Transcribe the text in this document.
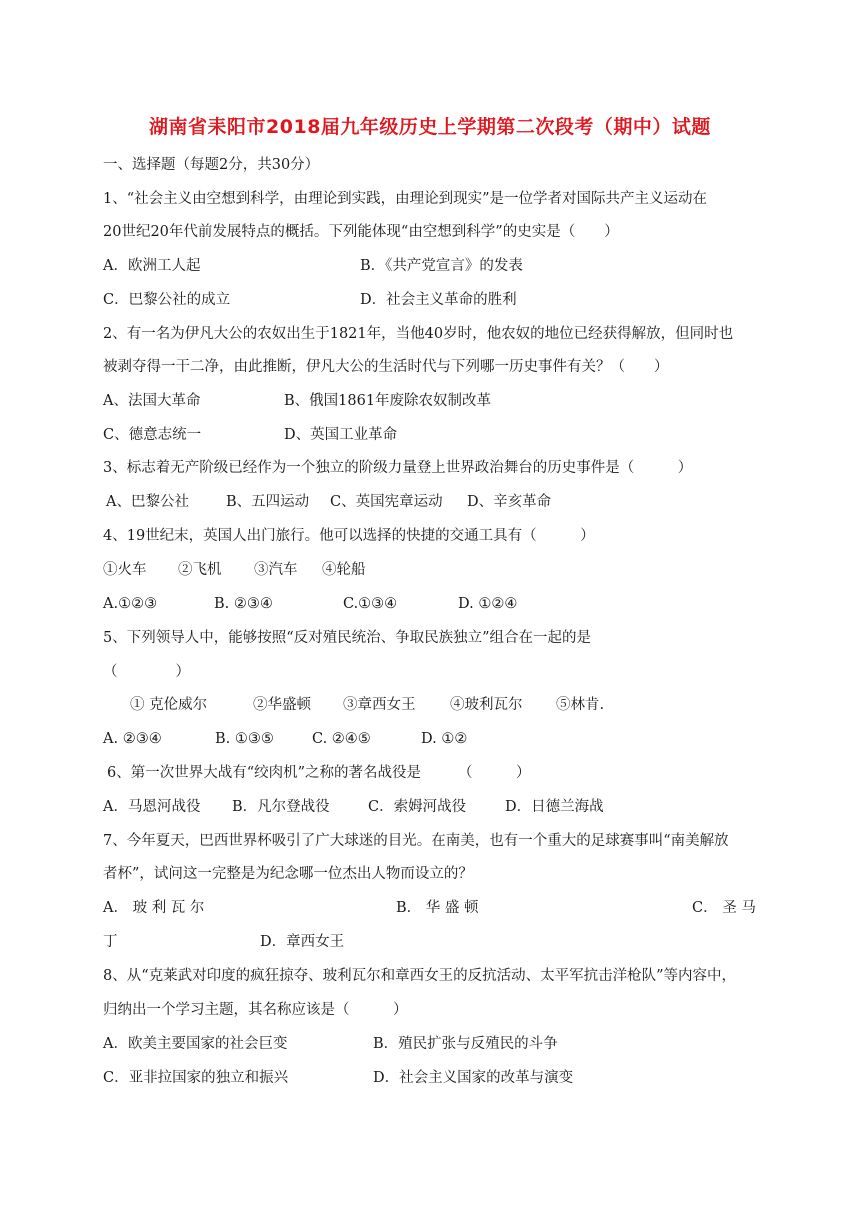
湖南省耒阳市2018届九年级历史上学期第二次段考（期中）试题
一、选择题（每题2分，共30分）
1、“社会主义由空想到科学，由理论到实践，由理论到现实”是一位学者对国际共产主义运动在
20世纪20年代前发展特点的概括。下列能体现“由空想到科学”的史实是（　　）
A．欧洲工人起	B．《共产党宣言》的发表
C．巴黎公社的成立	D．社会主义革命的胜利
2、有一名为伊凡大公的农奴出生于1821年，当他40岁时，他农奴的地位已经获得解放，但同时也
被剥夺得一干二净，由此推断，伊凡大公的生活时代与下列哪一历史事件有关？（　　）
A、法国大革命	B、俄国1861年废除农奴制改革
C、德意志统一	D、英国工业革命
3、标志着无产阶级已经作为一个独立的阶级力量登上世界政治舞台的历史事件是（　　　）
A、巴黎公社	B、五四运动 C、英国宪章运动 D、辛亥革命
4、19世纪末，英国人出门旅行。他可以选择的快捷的交通工具有（　　　）
①火车 ②飞机 ③汽车 ④轮船
A.①②③	B. ②③④	C.①③④	D. ①②④
5、下列领导人中，能够按照“反对殖民统治、争取民族独立”组合在一起的是
（　　　　）
① 克伦威尔	②华盛顿 ③章西女王 ④玻利瓦尔 ⑤林肯.
A. ②③④	B. ①③⑤	C. ②④⑤	D. ①②
6、第一次世界大战有“绞肉机”之称的著名战役是	（　　　）
A．马恩河战役 B．凡尔登战役	C．索姆河战役	D．日德兰海战
7、今年夏天，巴西世界杯吸引了广大球迷的目光。在南美，也有一个重大的足球赛事叫“南美解放
者杯”，试问这一完整是为纪念哪一位杰出人物而设立的？
A． 玻 利 瓦 尔	B． 华 盛 顿	C． 圣 马
丁	D．章西女王
8、从“克莱武对印度的疯狂掠夺、玻利瓦尔和章西女王的反抗活动、太平军抗击洋枪队”等内容中，
归纳出一个学习主题，其名称应该是（　　　）
A．欧美主要国家的社会巨变	B．殖民扩张与反殖民的斗争
C．亚非拉国家的独立和振兴	D．社会主义国家的改革与演变
